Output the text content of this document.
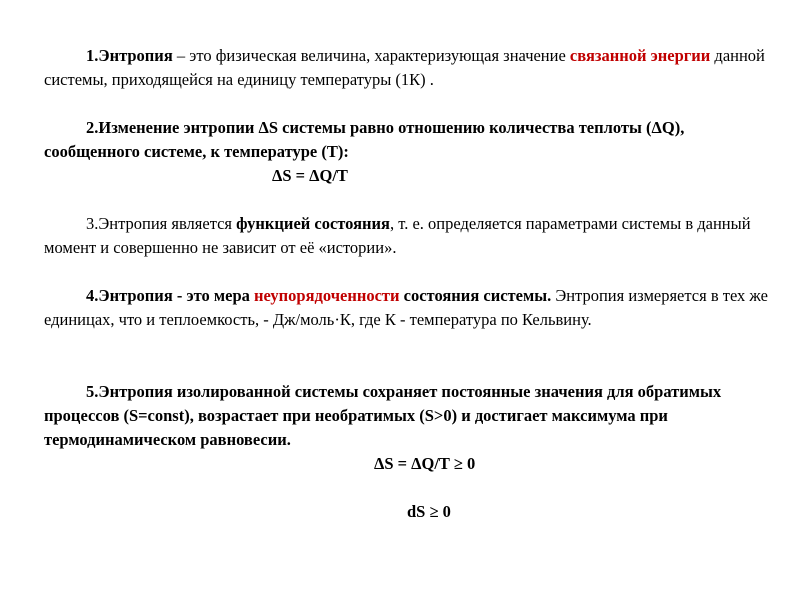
1.Энтропия – это физическая величина, характеризующая значение связанной энергии данной системы, приходящейся на единицу температуры (1К) .

2.Изменение энтропии ΔS системы равно отношению количества теплоты (ΔQ), сообщенного системе, к температуре (Т):

ΔS = ΔQ/T

3.Энтропия является функцией состояния, т. е. определяется параметрами системы в данный момент и совершенно не зависит от её «истории».

4.Энтропия - это мера неупорядоченности состояния системы. Энтропия измеряется в тех же единицах, что и теплоемкость, - Дж/моль·К, где К - температура по Кельвину.

5.Энтропия изолированной системы сохраняет постоянные значения для обратимых процессов (S=const), возрастает при необратимых (S>0) и достигает максимума при термодинамическом равновесии.

ΔS = ΔQ/T ≥ 0

dS ≥ 0
